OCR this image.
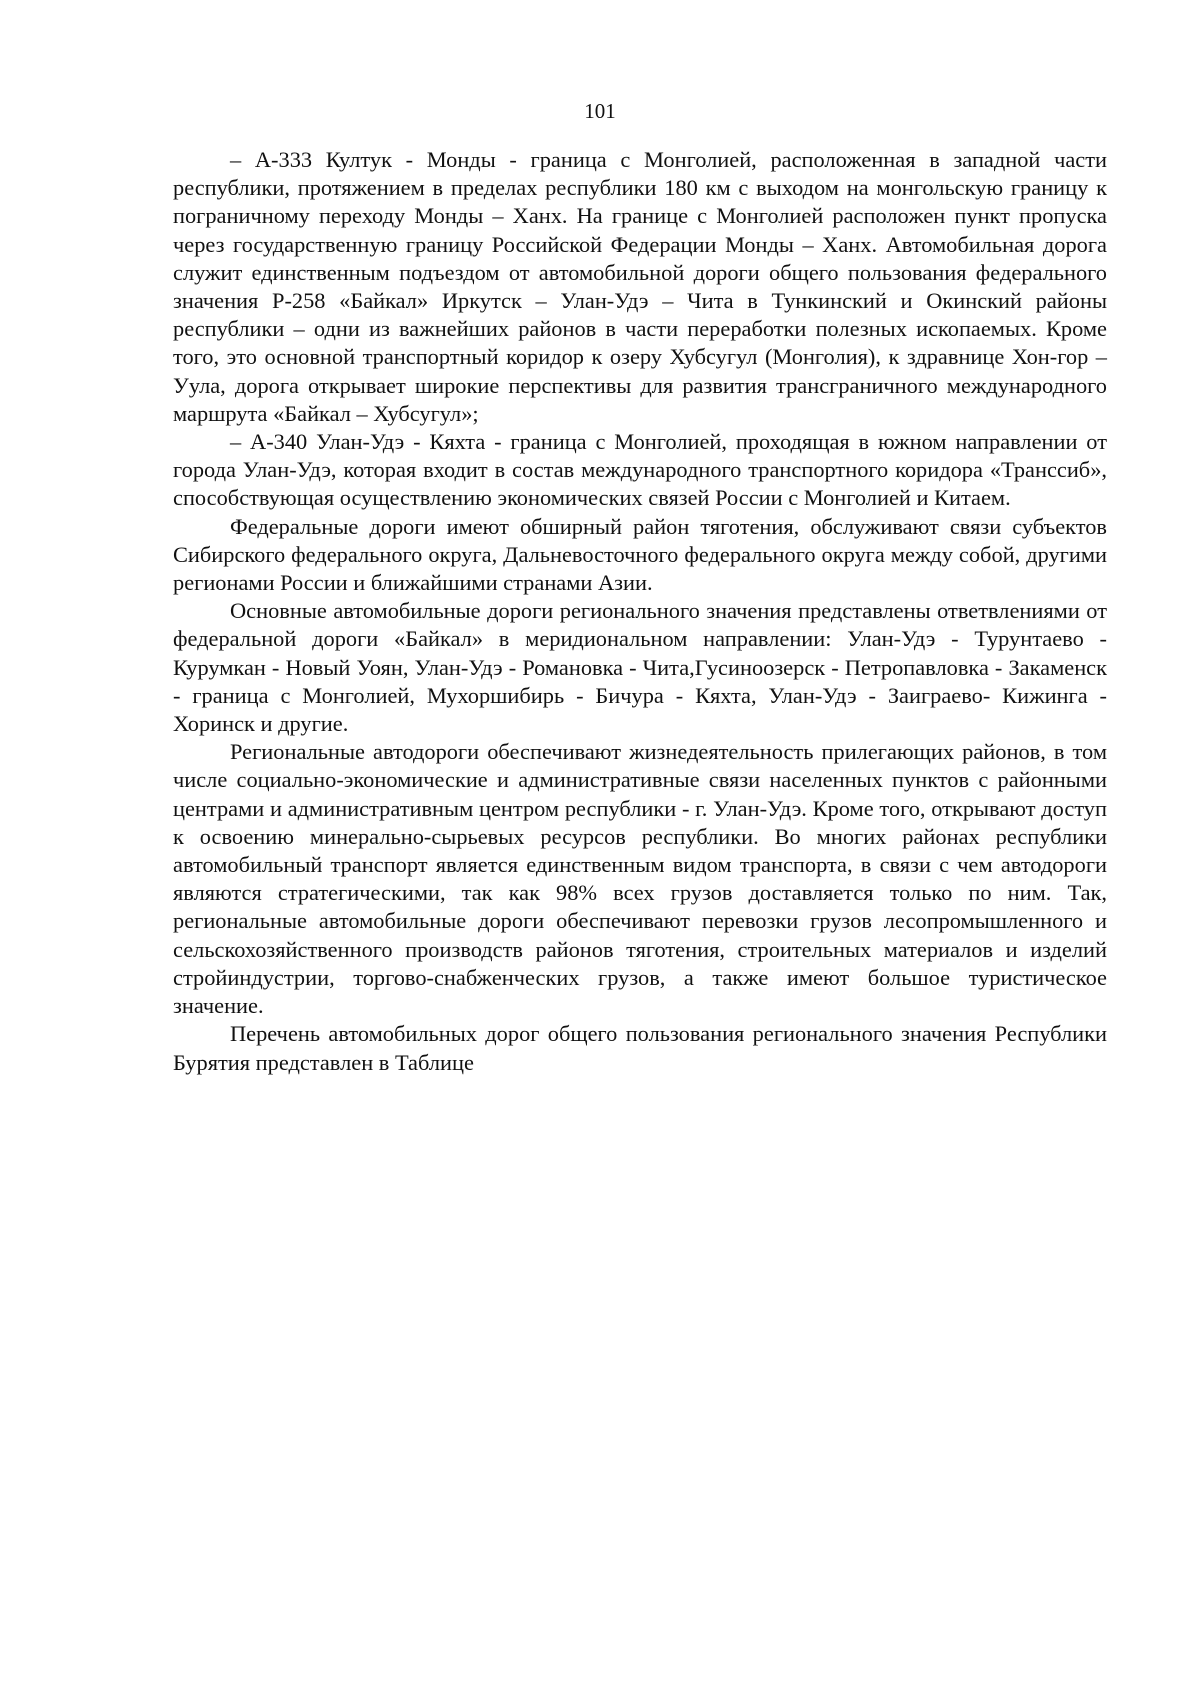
101

– А-333 Култук - Монды - граница с Монголией, расположенная в западной части республики, протяжением в пределах республики 180 км с выходом на монгольскую границу к пограничному переходу Монды – Ханх. На границе с Монголией расположен пункт пропуска через государственную границу Российской Федерации Монды – Ханх. Автомобильная дорога служит единственным подъездом от автомобильной дороги общего пользования федерального значения Р-258 «Байкал» Иркутск – Улан-Удэ – Чита в Тункинский и Окинский районы республики – одни из важнейших районов в части переработки полезных ископаемых. Кроме того, это основной транспортный коридор к озеру Хубсугул (Монголия), к здравнице Хон-гор – Уула, дорога открывает широкие перспективы для развития трансграничного международного маршрута «Байкал – Хубсугул»;

– А-340 Улан-Удэ - Кяхта - граница с Монголией, проходящая в южном направлении от города Улан-Удэ, которая входит в состав международного транспортного коридора «Транссиб», способствующая осуществлению экономических связей России с Монголией и Китаем.

Федеральные дороги имеют обширный район тяготения, обслуживают связи субъектов Сибирского федерального округа, Дальневосточного федерального округа между собой, другими регионами России и ближайшими странами Азии.

Основные автомобильные дороги регионального значения представлены ответвлениями от федеральной дороги «Байкал» в меридиональном направлении: Улан-Удэ - Турунтаево - Курумкан - Новый Уоян, Улан-Удэ - Романовка - Чита,Гусиноозерск - Петропавловка - Закаменск - граница с Монголией, Мухоршибирь - Бичура - Кяхта, Улан-Удэ - Заиграево- Кижинга - Хоринск и другие.

Региональные автодороги обеспечивают жизнедеятельность прилегающих районов, в том числе социально-экономические и административные связи населенных пунктов с районными центрами и административным центром республики - г. Улан-Удэ. Кроме того, открывают доступ к освоению минерально-сырьевых ресурсов республики. Во многих районах республики автомобильный транспорт является единственным видом транспорта, в связи с чем автодороги являются стратегическими, так как 98% всех грузов доставляется только по ним. Так, региональные автомобильные дороги обеспечивают перевозки грузов лесопромышленного и сельскохозяйственного производств районов тяготения, строительных материалов и изделий стройиндустрии, торгово-снабженческих грузов, а также имеют большое туристическое значение.

Перечень автомобильных дорог общего пользования регионального значения Республики Бурятия представлен в Таблице
